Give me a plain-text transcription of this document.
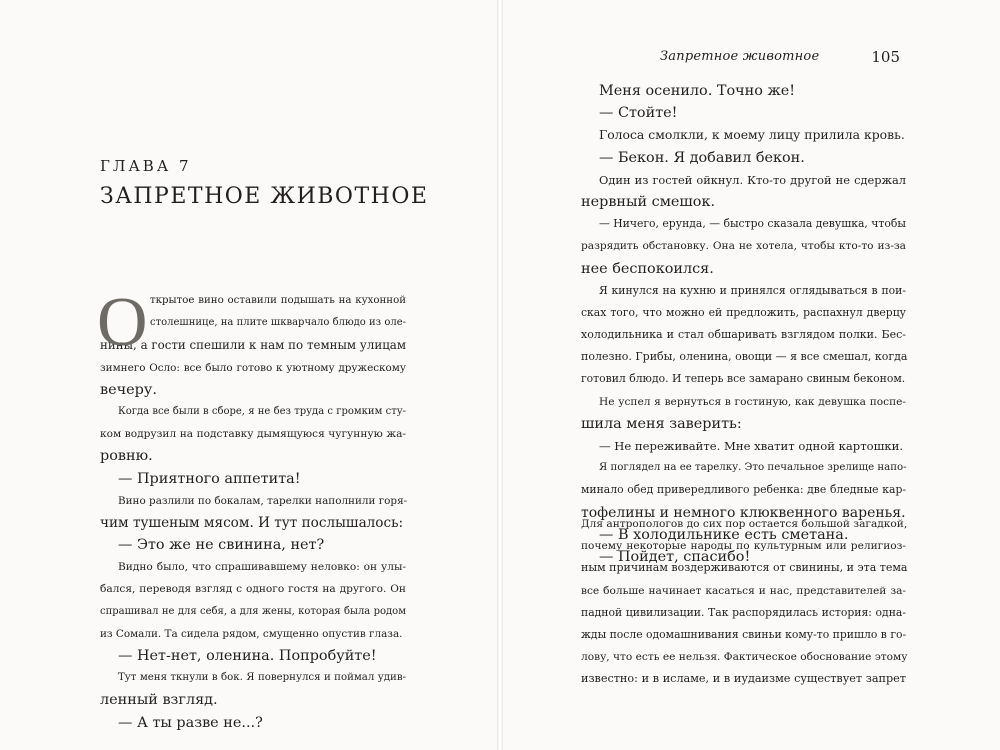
ГЛАВА 7
ЗАПРЕТНОЕ ЖИВОТНОЕ
О ткрытое вино оставили подышать на кухонной
столешнице, на плите шкварчало блюдо из оле-
нины, а гости спешили к нам по темным улицам
зимнего Осло: все было готово к уютному дружескому
вечеру.
Когда все были в сборе, я не без труда с громким сту-
ком водрузил на подставку дымящуюся чугунную жа-
ровню.
— Приятного аппетита!
Вино разлили по бокалам, тарелки наполнили горя-
чим тушеным мясом. И тут послышалось:
— Это же не свинина, нет?
Видно было, что спрашивавшему неловко: он улы-
бался, переводя взгляд с одного гостя на другого. Он
спрашивал не для себя, а для жены, которая была родом
из Сомали. Та сидела рядом, смущенно опустив глаза.
— Нет-нет, оленина. Попробуйте!
Тут меня ткнули в бок. Я повернулся и поймал удив-
ленный взгляд.
— А ты разве не...?
Запретное животное	105
Меня осенило. Точно же!
— Стойте!
Голоса смолкли, к моему лицу прилила кровь.
— Бекон. Я добавил бекон.
Один из гостей ойкнул. Кто-то другой не сдержал
нервный смешок.
— Ничего, ерунда, — быстро сказала девушка, чтобы
разрядить обстановку. Она не хотела, чтобы кто-то из-за
нее беспокоился.
Я кинулся на кухню и принялся оглядываться в пои-
сках того, что можно ей предложить, распахнул дверцу
холодильника и стал обшаривать взглядом полки. Бес-
полезно. Грибы, оленина, овощи — я все смешал, когда
готовил блюдо. И теперь все замарано свиным беконом.
Не успел я вернуться в гостиную, как девушка поспе-
шила меня заверить:
— Не переживайте. Мне хватит одной картошки.
Я поглядел на ее тарелку. Это печальное зрелище напо-
минало обед привередливого ребенка: две бледные кар-
тофелины и немного клюквенного варенья.
— В холодильнике есть сметана.
— Пойдет, спасибо!
Для антропологов до сих пор остается большой загадкой,
почему некоторые народы по культурным или религиоз-
ным причинам воздерживаются от свинины, и эта тема
все больше начинает касаться и нас, представителей за-
падной цивилизации. Так распорядилась история: одна-
жды после одомашнивания свиньи кому-то пришло в го-
лову, что есть ее нельзя. Фактическое обоснование этому
известно: и в исламе, и в иудаизме существует запрет
